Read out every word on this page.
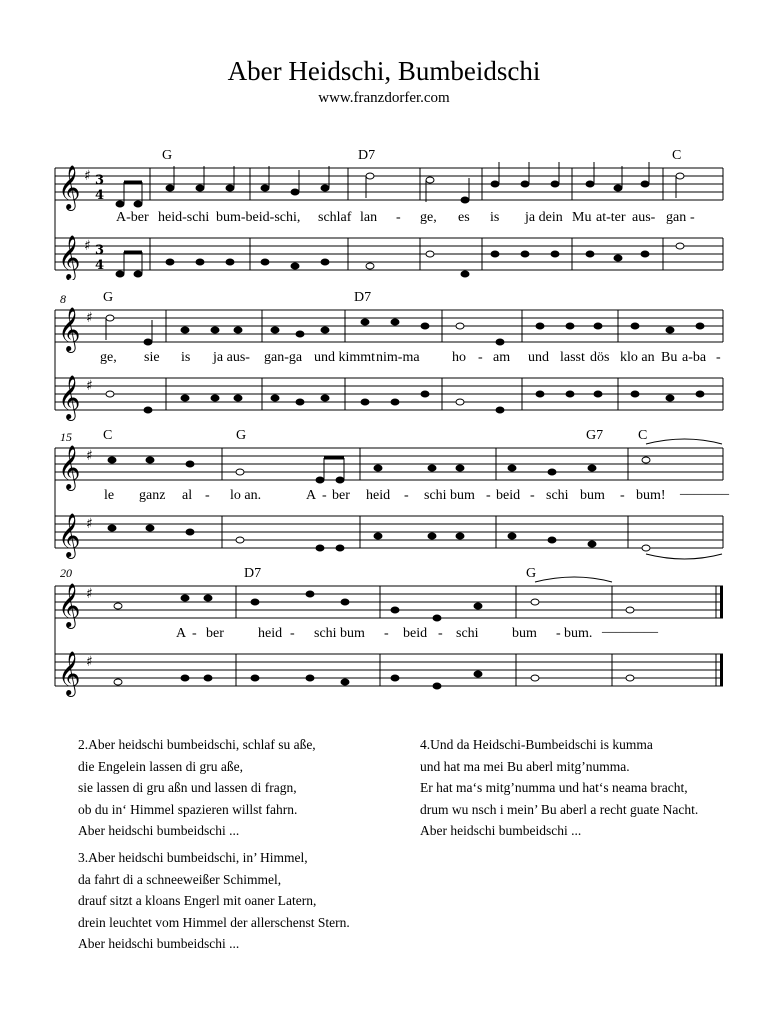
Aber Heidschi, Bumbeidschi
www.franzdorfer.com
G	D7	C
𝄞
𝄞
♯
♯
3
4
3
4
A-ber heid-schi bum-beid-schi, schlaf lan - ge, es is ja dein Mu at-ter aus- gan -
8	G	D7
𝄞
𝄞
♯
♯
ge, sie is ja aus- gan-ga und kimmt nim-ma ho - am und lasst dös klo an Bu a-ba -
15 C	G	G7 C
𝄞
𝄞
♯
♯
le ganz al - lo an.	A - ber heid - schi bum - beid - schi bum - bum! _______
20	D7	G
𝄞
𝄞
♯
♯
A - ber heid - schi bum - beid - schi bum - bum. ________
2.Aber heidschi bumbeidschi, schlaf su aße,
die Engelein lassen di gru aße,
sie lassen di gru aßn und lassen di fragn,
ob du in‘ Himmel spazieren willst fahrn.
Aber heidschi bumbeidschi ...
3.Aber heidschi bumbeidschi, in’ Himmel,
da fahrt di a schneeweißer Schimmel,
drauf sitzt a kloans Engerl mit oaner Latern,
drein leuchtet vom Himmel der allerschenst Stern.
Aber heidschi bumbeidschi ...
4.Und da Heidschi-Bumbeidschi is kumma
und hat ma mei Bu aberl mitg’numma.
Er hat ma‘s mitg’numma und hat‘s neama bracht,
drum wu nsch i mein’ Bu aberl a recht guate Nacht.
Aber heidschi bumbeidschi ...
